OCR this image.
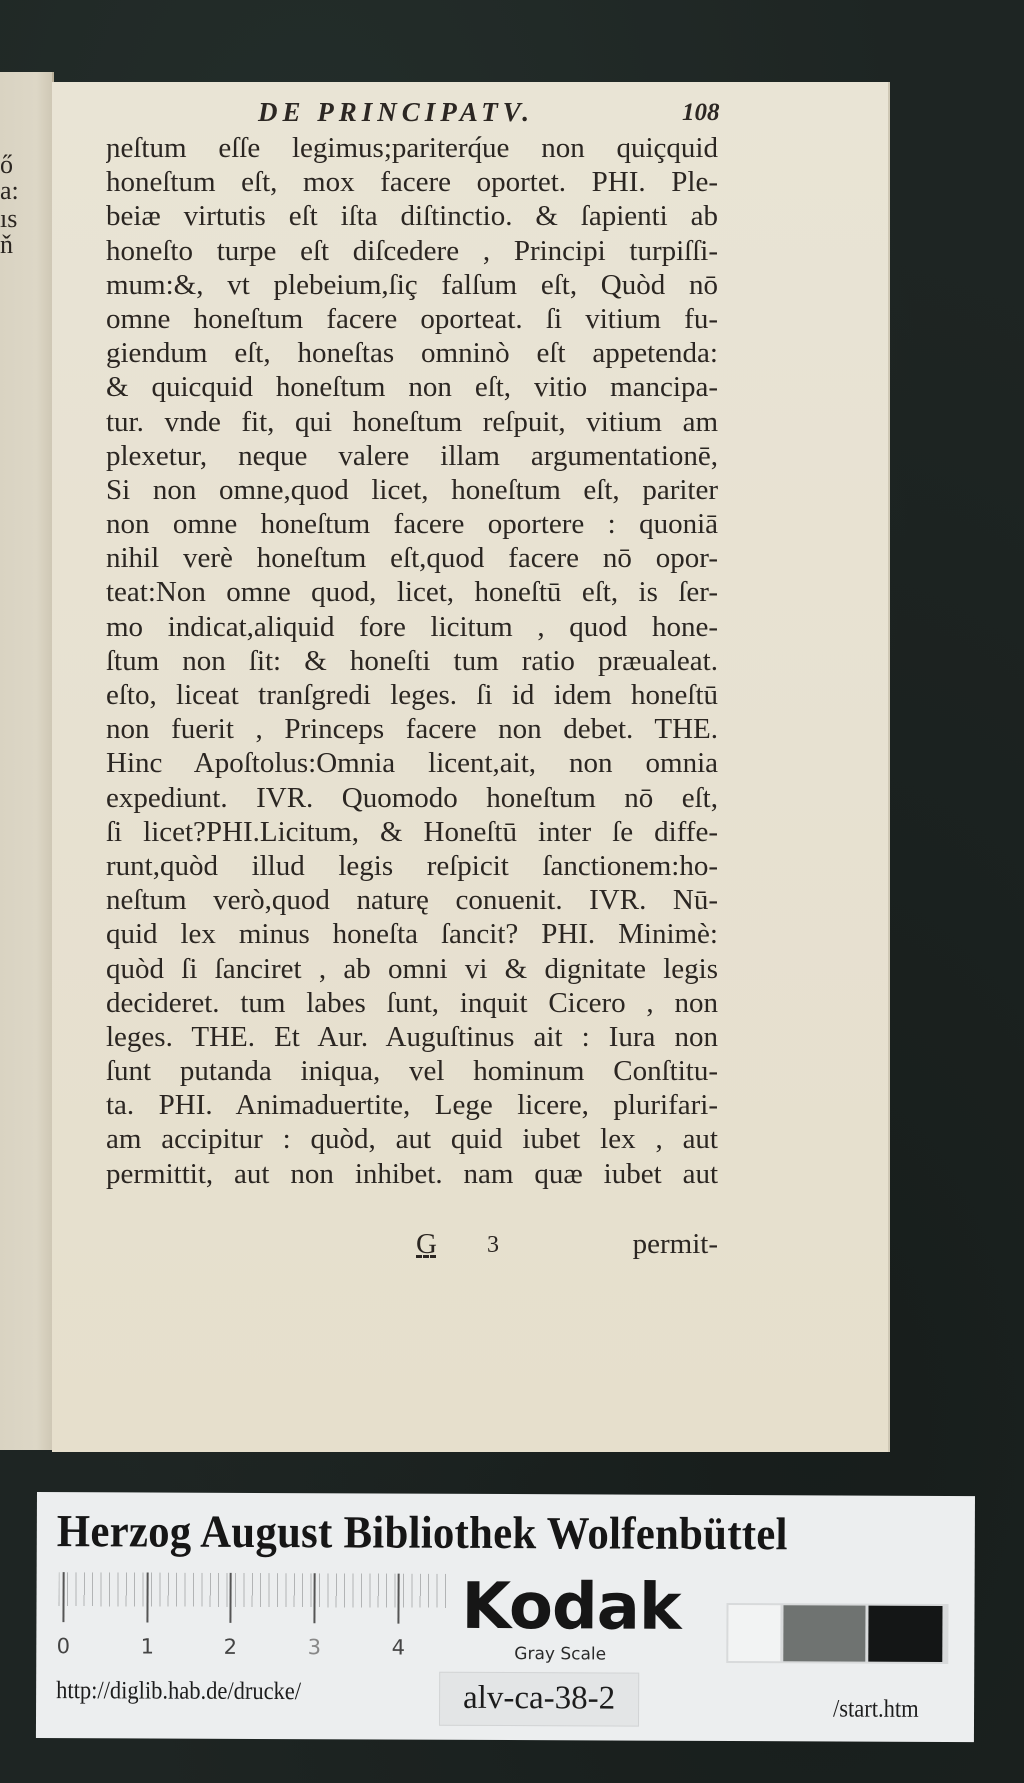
ő
a:
ıs
ň
DE PRINCIPATV.	108
ɲeſtum eſſe legimus;pariterq́ue non quiçquid
honeſtum eſt, mox facere oportet. PHI. Ple-
beiæ virtutis eſt iſta diſtinctio. & ſapienti ab
honeſto turpe eſt diſcedere , Principi turpiſſi-
mum:&, vt plebeium,ſiç falſum eſt, Quòd nō
omne honeſtum facere oporteat. ſi vitium fu-
giendum eſt, honeſtas omninò eſt appetenda:
& quicquid honeſtum non eſt, vitio mancipa-
tur. vnde fit, qui honeſtum reſpuit, vitium am
plexetur, neque valere illam argumentationē,
Si non omne,quod licet, honeſtum eſt, pariter
non omne honeſtum facere oportere : quoniā
nihil verè honeſtum eſt,quod facere nō opor-
teat:Non omne quod, licet, honeſtū eſt, is ſer-
mo indicat,aliquid fore licitum , quod hone-
ſtum non ſit: & honeſti tum ratio præualeat.
eſto, liceat tranſgredi leges. ſi id idem honeſtū
non fuerit , Princeps facere non debet. THE.
Hinc Apoſtolus:Omnia licent,ait, non omnia
expediunt. IVR. Quomodo honeſtum nō eſt,
ſi licet?PHI.Licitum, & Honeſtū inter ſe diffe-
runt,quòd illud legis reſpicit ſanctionem:ho-
neſtum verò,quod naturę conuenit. IVR. Nū-
quid lex minus honeſta ſancit? PHI. Minimè:
quòd ſi ſanciret , ab omni vi & dignitate legis
decideret. tum labes ſunt, inquit Cicero , non
leges. THE. Et Aur. Auguſtinus ait : Iura non
ſunt putanda iniqua, vel hominum Conſtitu-
ta. PHI. Animaduertite, Lege licere, plurifari-
am accipitur : quòd, aut quid iubet lex , aut
permittit, aut non inhibet. nam quæ iubet aut
G 3	permit-
Herzog August Bibliothek Wolfenbüttel
0	1	2	3	4
Kodak
Gray Scale
http://diglib.hab.de/drucke/	alv-ca-38-2	/start.htm
